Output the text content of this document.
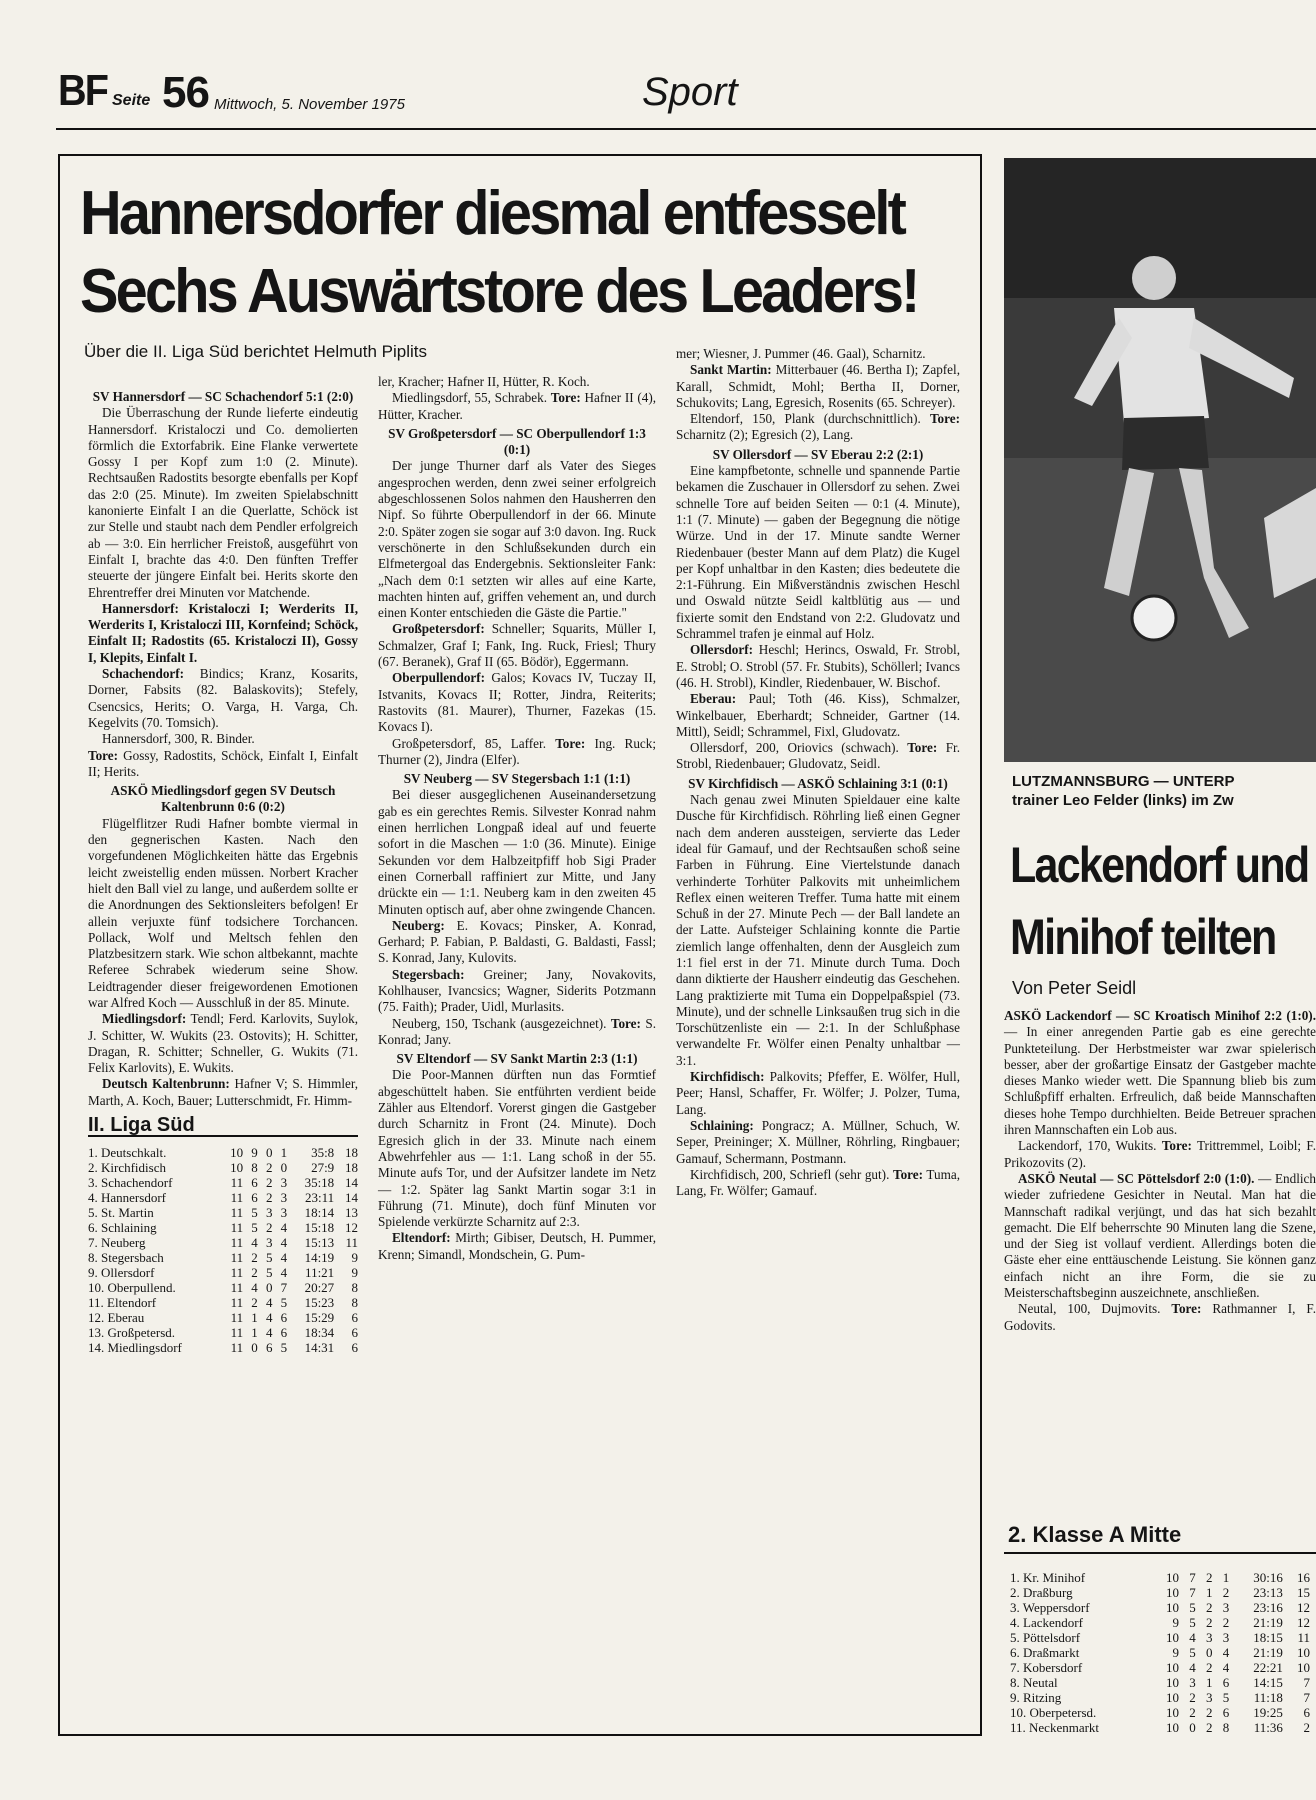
BF Seite 56 Mittwoch, 5. November 1975	Sport
Hannersdorfer diesmal entfesselt
Sechs Auswärtstore des Leaders!
Über die II. Liga Süd berichtet Helmuth Piplits

SV Hannersdorf — SC Schachendorf 5:1 (2:0)

Die Überraschung der Runde lieferte eindeutig Hannersdorf. Kristaloczi und Co. demolierten förmlich die Extorfabrik. Eine Flanke verwertete Gossy I per Kopf zum 1:0 (2. Minute). Rechtsaußen Radostits besorgte ebenfalls per Kopf das 2:0 (25. Minute). Im zweiten Spielabschnitt kanonierte Einfalt I an die Querlatte, Schöck ist zur Stelle und staubt nach dem Pendler erfolgreich ab — 3:0. Ein herrlicher Freistoß, ausgeführt von Einfalt I, brachte das 4:0. Den fünften Treffer steuerte der jüngere Einfalt bei. Herits skorte den Ehrentreffer drei Minuten vor Matchende.

Hannersdorf: Kristaloczi I; Werderits II, Werderits I, Kristaloczi III, Kornfeind; Schöck, Einfalt II; Radostits (65. Kristaloczi II), Gossy I, Klepits, Einfalt I.

Schachendorf: Bindics; Kranz, Kosarits, Dorner, Fabsits (82. Balaskovits); Stefely, Csencsics, Herits; O. Varga, H. Varga, Ch. Kegelvits (70. Tomsich).

Hannersdorf, 300, R. Binder.
Tore: Gossy, Radostits, Schöck, Einfalt I, Einfalt II; Herits.

ASKÖ Miedlingsdorf gegen SV Deutsch Kaltenbrunn 0:6 (0:2)

Flügelflitzer Rudi Hafner bombte viermal in den gegnerischen Kasten. Nach den vorgefundenen Möglichkeiten hätte das Ergebnis leicht zweistellig enden müssen. Norbert Kracher hielt den Ball viel zu lange, und außerdem sollte er die Anordnungen des Sektionsleiters befolgen! Er allein verjuxte fünf todsichere Torchancen. Pollack, Wolf und Meltsch fehlen den Platzbesitzern stark. Wie schon altbekannt, machte Referee Schrabek wiederum seine Show. Leidtragender dieser freigewordenen Emotionen war Alfred Koch — Ausschluß in der 85. Minute.

Miedlingsdorf: Tendl; Ferd. Karlovits, Suylok, J. Schitter, W. Wukits (23. Ostovits); H. Schitter, Dragan, R. Schitter; Schneller, G. Wukits (71. Felix Karlovits), E. Wukits.

Deutsch Kaltenbrunn: Hafner V; S. Himmler, Marth, A. Koch, Bauer; Lutterschmidt, Fr. Himm-

II. Liga Süd
1. Deutschkalt.	10	9	0	1	35:8	18
2. Kirchfidisch	10	8	2	0	27:9	18
3. Schachendorf	11	6	2	3	35:18	14
4. Hannersdorf	11	6	2	3	23:11	14
5. St. Martin	11	5	3	3	18:14	13
6. Schlaining	11	5	2	4	15:18	12
7. Neuberg	11	4	3	4	15:13	11
8. Stegersbach	11	2	5	4	14:19	9
9. Ollersdorf	11	2	5	4	11:21	9
10. Oberpullend.	11	4	0	7	20:27	8
11. Eltendorf	11	2	4	5	15:23	8
12. Eberau	11	1	4	6	15:29	6
13. Großpetersd.	11	1	4	6	18:34	6
14. Miedlingsdorf	11	0	6	5	14:31	6

ler, Kracher; Hafner II, Hütter, R. Koch.

Miedlingsdorf, 55, Schrabek. Tore: Hafner II (4), Hütter, Kracher.

SV Großpetersdorf — SC Oberpullendorf 1:3 (0:1)

Der junge Thurner darf als Vater des Sieges angesprochen werden, denn zwei seiner erfolgreich abgeschlossenen Solos nahmen den Hausherren den Nipf. So führte Oberpullendorf in der 66. Minute 2:0. Später zogen sie sogar auf 3:0 davon. Ing. Ruck verschönerte in den Schlußsekunden durch ein Elfmetergoal das Endergebnis. Sektionsleiter Fank: „Nach dem 0:1 setzten wir alles auf eine Karte, machten hinten auf, griffen vehement an, und durch einen Konter entschieden die Gäste die Partie."

Großpetersdorf: Schneller; Squarits, Müller I, Schmalzer, Graf I; Fank, Ing. Ruck, Friesl; Thury (67. Beranek), Graf II (65. Bödör), Eggermann.

Oberpullendorf: Galos; Kovacs IV, Tuczay II, Istvanits, Kovacs II; Rotter, Jindra, Reiterits; Rastovits (81. Maurer), Thurner, Fazekas (15. Kovacs I).

Großpetersdorf, 85, Laffer. Tore: Ing. Ruck; Thurner (2), Jindra (Elfer).

SV Neuberg — SV Stegersbach 1:1 (1:1)

Bei dieser ausgeglichenen Auseinandersetzung gab es ein gerechtes Remis. Silvester Konrad nahm einen herrlichen Longpaß ideal auf und feuerte sofort in die Maschen — 1:0 (36. Minute). Einige Sekunden vor dem Halbzeitpfiff hob Sigi Prader einen Cornerball raffiniert zur Mitte, und Jany drückte ein — 1:1. Neuberg kam in den zweiten 45 Minuten optisch auf, aber ohne zwingende Chancen.

Neuberg: E. Kovacs; Pinsker, A. Konrad, Gerhard; P. Fabian, P. Baldasti, G. Baldasti, Fassl; S. Konrad, Jany, Kulovits.

Stegersbach: Greiner; Jany, Novakovits, Kohlhauser, Ivancsics; Wagner, Siderits Potzmann (75. Faith); Prader, Uidl, Murlasits.

Neuberg, 150, Tschank (ausgezeichnet). Tore: S. Konrad; Jany.

SV Eltendorf — SV Sankt Martin 2:3 (1:1)

Die Poor-Mannen dürften nun das Formtief abgeschüttelt haben. Sie entführten verdient beide Zähler aus Eltendorf. Vorerst gingen die Gastgeber durch Scharnitz in Front (24. Minute). Doch Egresich glich in der 33. Minute nach einem Abwehrfehler aus — 1:1. Lang schoß in der 55. Minute aufs Tor, und der Aufsitzer landete im Netz — 1:2. Später lag Sankt Martin sogar 3:1 in Führung (71. Minute), doch fünf Minuten vor Spielende verkürzte Scharnitz auf 2:3.

Eltendorf: Mirth; Gibiser, Deutsch, H. Pummer, Krenn; Simandl, Mondschein, G. Pum-

mer; Wiesner, J. Pummer (46. Gaal), Scharnitz.

Sankt Martin: Mitterbauer (46. Bertha I); Zapfel, Karall, Schmidt, Mohl; Bertha II, Dorner, Schukovits; Lang, Egresich, Rosenits (65. Schreyer).

Eltendorf, 150, Plank (durchschnittlich). Tore: Scharnitz (2); Egresich (2), Lang.

SV Ollersdorf — SV Eberau 2:2 (2:1)

Eine kampfbetonte, schnelle und spannende Partie bekamen die Zuschauer in Ollersdorf zu sehen. Zwei schnelle Tore auf beiden Seiten — 0:1 (4. Minute), 1:1 (7. Minute) — gaben der Begegnung die nötige Würze. Und in der 17. Minute sandte Werner Riedenbauer (bester Mann auf dem Platz) die Kugel per Kopf unhaltbar in den Kasten; dies bedeutete die 2:1-Führung. Ein Mißverständnis zwischen Heschl und Oswald nützte Seidl kaltblütig aus — und fixierte somit den Endstand von 2:2. Gludovatz und Schrammel trafen je einmal auf Holz.

Ollersdorf: Heschl; Herincs, Oswald, Fr. Strobl, E. Strobl; O. Strobl (57. Fr. Stubits), Schöllerl; Ivancs (46. H. Strobl), Kindler, Riedenbauer, W. Bischof.

Eberau: Paul; Toth (46. Kiss), Schmalzer, Winkelbauer, Eberhardt; Schneider, Gartner (14. Mittl), Seidl; Schrammel, Fixl, Gludovatz.

Ollersdorf, 200, Oriovics (schwach). Tore: Fr. Strobl, Riedenbauer; Gludovatz, Seidl.

SV Kirchfidisch — ASKÖ Schlaining 3:1 (0:1)

Nach genau zwei Minuten Spieldauer eine kalte Dusche für Kirchfidisch. Röhrling ließ einen Gegner nach dem anderen aussteigen, servierte das Leder ideal für Gamauf, und der Rechtsaußen schoß seine Farben in Führung. Eine Viertelstunde danach verhinderte Torhüter Palkovits mit unheimlichem Reflex einen weiteren Treffer. Tuma hatte mit einem Schuß in der 27. Minute Pech — der Ball landete an der Latte. Aufsteiger Schlaining konnte die Partie ziemlich lange offenhalten, denn der Ausgleich zum 1:1 fiel erst in der 71. Minute durch Tuma. Doch dann diktierte der Hausherr eindeutig das Geschehen. Lang praktizierte mit Tuma ein Doppelpaßspiel (73. Minute), und der schnelle Linksaußen trug sich in die Torschützenliste ein — 2:1. In der Schlußphase verwandelte Fr. Wölfer einen Penalty unhaltbar — 3:1.

Kirchfidisch: Palkovits; Pfeffer, E. Wölfer, Hull, Peer; Hansl, Schaffer, Fr. Wölfer; J. Polzer, Tuma, Lang.

Schlaining: Pongracz; A. Müllner, Schuch, W. Seper, Preininger; X. Müllner, Röhrling, Ringbauer; Gamauf, Schermann, Postmann.

Kirchfidisch, 200, Schriefl (sehr gut). Tore: Tuma, Lang, Fr. Wölfer; Gamauf.

LUTZMANNSBURG — UNTERP
trainer Leo Felder (links) im Zw
Lackendorf und
Minihof teilten
Von Peter Seidl

ASKÖ Lackendorf — SC Kroatisch Minihof 2:2 (1:0). — In einer anregenden Partie gab es eine gerechte Punkteteilung. Der Herbstmeister war zwar spielerisch besser, aber der großartige Einsatz der Gastgeber machte dieses Manko wieder wett. Die Spannung blieb bis zum Schlußpfiff erhalten. Erfreulich, daß beide Mannschaften dieses hohe Tempo durchhielten. Beide Betreuer sprachen ihren Mannschaften ein Lob aus.

Lackendorf, 170, Wukits. Tore: Trittremmel, Loibl; F. Prikozovits (2).

ASKÖ Neutal — SC Pöttelsdorf 2:0 (1:0). — Endlich wieder zufriedene Gesichter in Neutal. Man hat die Mannschaft radikal verjüngt, und das hat sich bezahlt gemacht. Die Elf beherrschte 90 Minuten lang die Szene, und der Sieg ist vollauf verdient. Allerdings boten die Gäste eher eine enttäuschende Leistung. Sie können ganz einfach nicht an ihre Form, die sie zu Meisterschaftsbeginn auszeichnete, anschließen.

Neutal, 100, Dujmovits. Tore: Rathmanner I, F. Godovits.

2. Klasse A Mitte
1. Kr. Minihof	10	7	2	1	30:16	16
2. Draßburg	10	7	1	2	23:13	15
3. Weppersdorf	10	5	2	3	23:16	12
4. Lackendorf	9	5	2	2	21:19	12
5. Pöttelsdorf	10	4	3	3	18:15	11
6. Draßmarkt	9	5	0	4	21:19	10
7. Kobersdorf	10	4	2	4	22:21	10
8. Neutal	10	3	1	6	14:15	7
9. Ritzing	10	2	3	5	11:18	7
10. Oberpetersd.	10	2	2	6	19:25	6
11. Neckenmarkt	10	0	2	8	11:36	2
